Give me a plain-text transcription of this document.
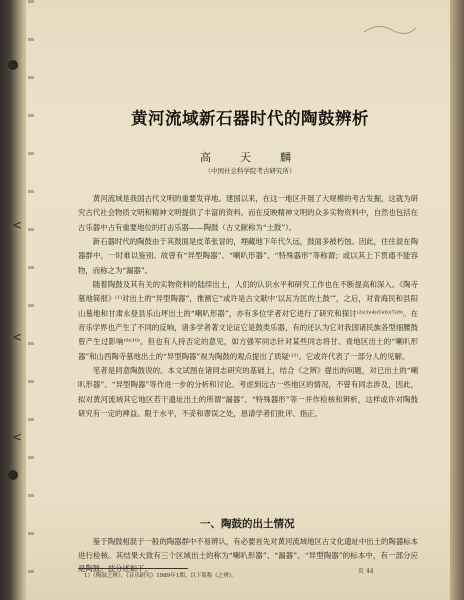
<
<
<
黄河流域新石器时代的陶鼓辨析
高　天　麟
（中国社会科学院考古研究所）

黄河流域是我国古代文明的重要发祥地。建国以来，在这一地区开展了大规模的考古发掘，这就为研究古代社会物质文明和精神文明提供了丰富的资料。而在反映精神文明的众多实物资料中，自然也包括在古乐器中占有重要地位的打击乐器——陶鼓（古文献称为“土鼓”）。

新石器时代的陶鼓由于其鼓面是皮革张冒的，埋藏地下年代久远，鼓面多被朽蚀。因此，往往混在陶器群中，一时难以鉴别。故曾有“异型陶器”、“喇叭形器”、“特殊器形”等称谓；或以其上下贯通不能容物，而称之为“漏器”。

随着陶鼓及其有关的实物资料的陆续出土，人们的认识水平和研究工作也在不断提高和深入。《陶寺墓地简报》⁽¹⁾对出土的“异型陶器”，推测它“或许是古文献中‘以瓦为匡的土鼓’”，之后，对青海民和县阳山墓地和甘肃永登县乐山坪出土的“喇叭形器”，亦有多位学者对它进行了研究和探讨⁽²⁾⁽³⁾⁽⁴⁾⁽⁵⁾⁽⁶⁾⁽⁷⁾⁽⁸⁾。在音乐学界也产生了不同的反响，诸多学者著文论证它是鼓类乐器，有的还认为它对我国诸民族各型细腰鼓曾产生过影响⁽⁹⁾⁽¹⁰⁾。但也有人持否定的意见，如方强军同志针对某些同志将甘、青地区出土的“喇叭形器”和山西陶寺墓地出土的“异型陶器”视为陶鼓的观点提出了质疑⁽¹¹⁾。它或许代表了一部分人的见解。

笔者是同意陶鼓说的。本文试图在诸同志研究的基础上，结合《之辨》提出的问题，对已出土的“喇叭形器”、“异型陶器”等作进一步的分析和讨论。考虑到远古一些地区的情况，不曾有同志涉及，因此，拟对黄河流域其它地区若干遗址出土的所谓“漏器”、“特殊器形”等一并作检核和辨析，这样或许对陶鼓研究有一定的裨益。限于水平，不妥和谬误之处，恳请学者们批评、指正。

一、陶鼓的出土情况

鉴于陶鼓相混于一般的陶器群中不易辨认，有必要首先对黄河流域地区古文化遗址中出土的陶器标本进行检核。其结果大致有三个区域出土的称为“喇叭形器”、“漏器”、“异型陶器”的标本中，有一部分应

1）《陶鼓之辨》，《音乐研究》1989年1期。以下简称《之辨》。
页 44
